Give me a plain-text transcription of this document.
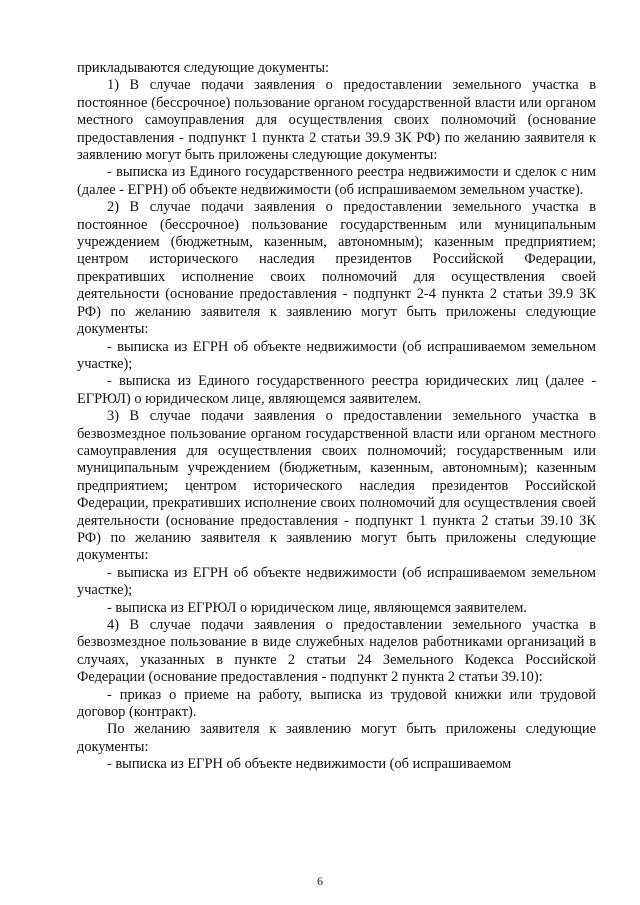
прикладываются следующие документы:

1) В случае подачи заявления о предоставлении земельного участка в постоянное (бессрочное) пользование органом государственной власти или органом местного самоуправления для осуществления своих полномочий (основание предоставления - подпункт 1 пункта 2 статьи 39.9 ЗК РФ) по желанию заявителя к заявлению могут быть приложены следующие документы:

- выписка из Единого государственного реестра недвижимости и сделок с ним (далее - ЕГРН) об объекте недвижимости (об испрашиваемом земельном участке).

2) В случае подачи заявления о предоставлении земельного участка в постоянное (бессрочное) пользование государственным или муниципальным учреждением (бюджетным, казенным, автономным); казенным предприятием; центром исторического наследия президентов Российской Федерации, прекративших исполнение своих полномочий для осуществления своей деятельности (основание предоставления - подпункт 2-4 пункта 2 статьи 39.9 ЗК РФ) по желанию заявителя к заявлению могут быть приложены следующие документы:

- выписка из ЕГРН об объекте недвижимости (об испрашиваемом земельном участке);

- выписка из Единого государственного реестра юридических лиц (далее - ЕГРЮЛ) о юридическом лице, являющемся заявителем.

3) В случае подачи заявления о предоставлении земельного участка в безвозмездное пользование органом государственной власти или органом местного самоуправления для осуществления своих полномочий; государственным или муниципальным учреждением (бюджетным, казенным, автономным); казенным предприятием; центром исторического наследия президентов Российской Федерации, прекративших исполнение своих полномочий для осуществления своей деятельности (основание предоставления - подпункт 1 пункта 2 статьи 39.10 ЗК РФ) по желанию заявителя к заявлению могут быть приложены следующие документы:

- выписка из ЕГРН об объекте недвижимости (об испрашиваемом земельном участке);

- выписка из ЕГРЮЛ о юридическом лице, являющемся заявителем.

4) В случае подачи заявления о предоставлении земельного участка в безвозмездное пользование в виде служебных наделов работниками организаций в случаях, указанных в пункте 2 статьи 24 Земельного Кодекса Российской Федерации (основание предоставления - подпункт 2 пункта 2 статьи 39.10):

- приказ о приеме на работу, выписка из трудовой книжки или трудовой договор (контракт).

По желанию заявителя к заявлению могут быть приложены следующие документы:

- выписка из ЕГРН об объекте недвижимости (об испрашиваемом

6
